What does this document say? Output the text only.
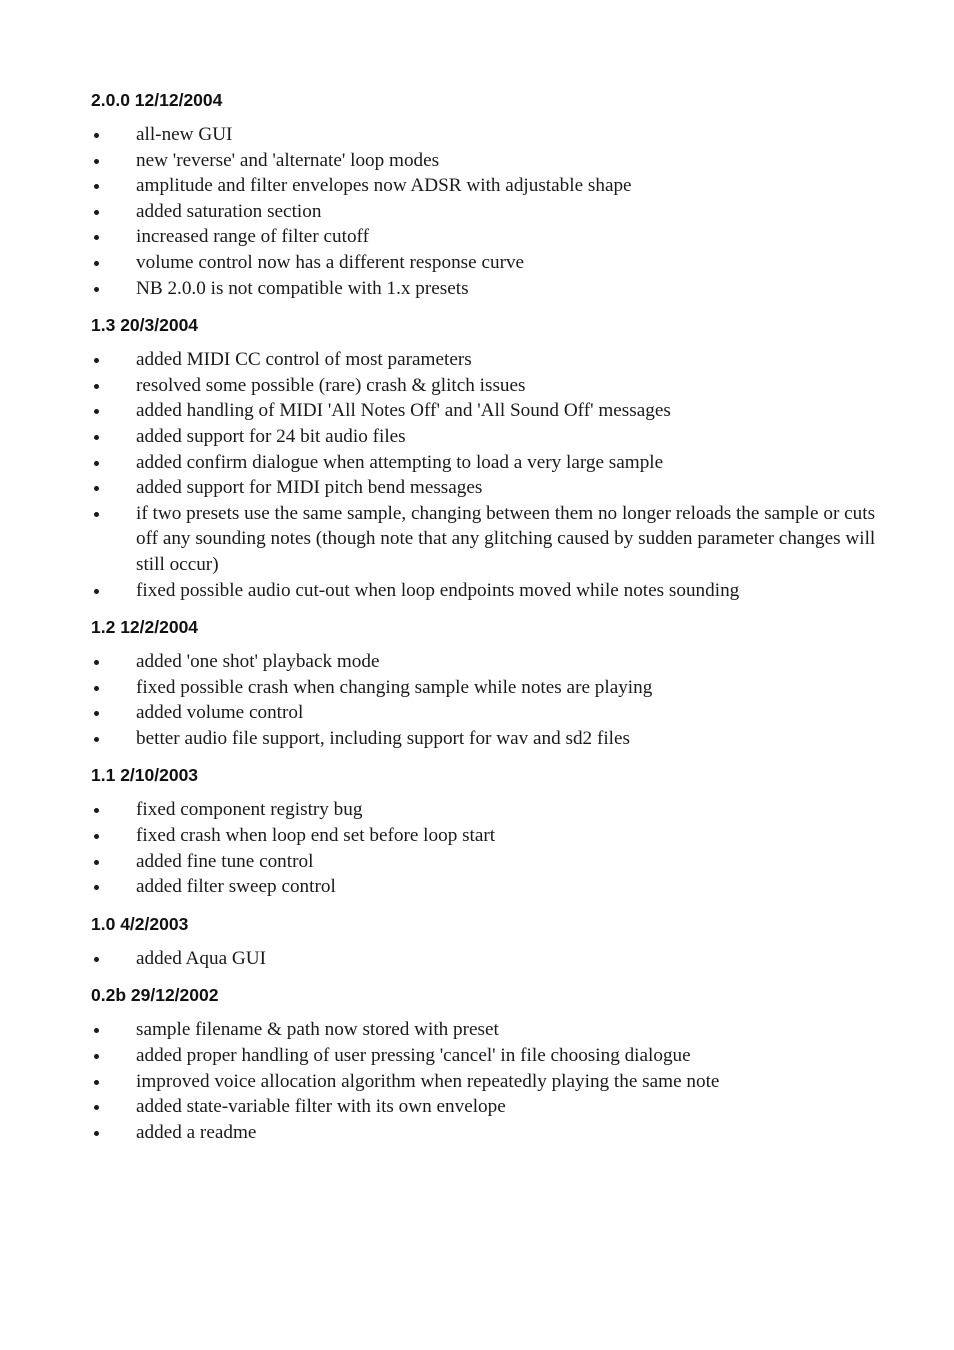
2.0.0 12/12/2004
all-new GUI
new 'reverse' and 'alternate' loop modes
amplitude and filter envelopes now ADSR with adjustable shape
added saturation section
increased range of filter cutoff
volume control now has a different response curve
NB 2.0.0 is not compatible with 1.x presets
1.3 20/3/2004
added MIDI CC control of most parameters
resolved some possible (rare) crash & glitch issues
added handling of MIDI 'All Notes Off' and 'All Sound Off' messages
added support for 24 bit audio files
added confirm dialogue when attempting to load a very large sample
added support for MIDI pitch bend messages
if two presets use the same sample, changing between them no longer reloads the sample or cuts off any sounding notes (though note that any glitching caused by sudden parameter changes will still occur)
fixed possible audio cut-out when loop endpoints moved while notes sounding
1.2 12/2/2004
added 'one shot' playback mode
fixed possible crash when changing sample while notes are playing
added volume control
better audio file support, including support for wav and sd2 files
1.1 2/10/2003
fixed component registry bug
fixed crash when loop end set before loop start
added fine tune control
added filter sweep control
1.0 4/2/2003
added Aqua GUI
0.2b 29/12/2002
sample filename & path now stored with preset
added proper handling of user pressing 'cancel' in file choosing dialogue
improved voice allocation algorithm when repeatedly playing the same note
added state-variable filter with its own envelope
added a readme
